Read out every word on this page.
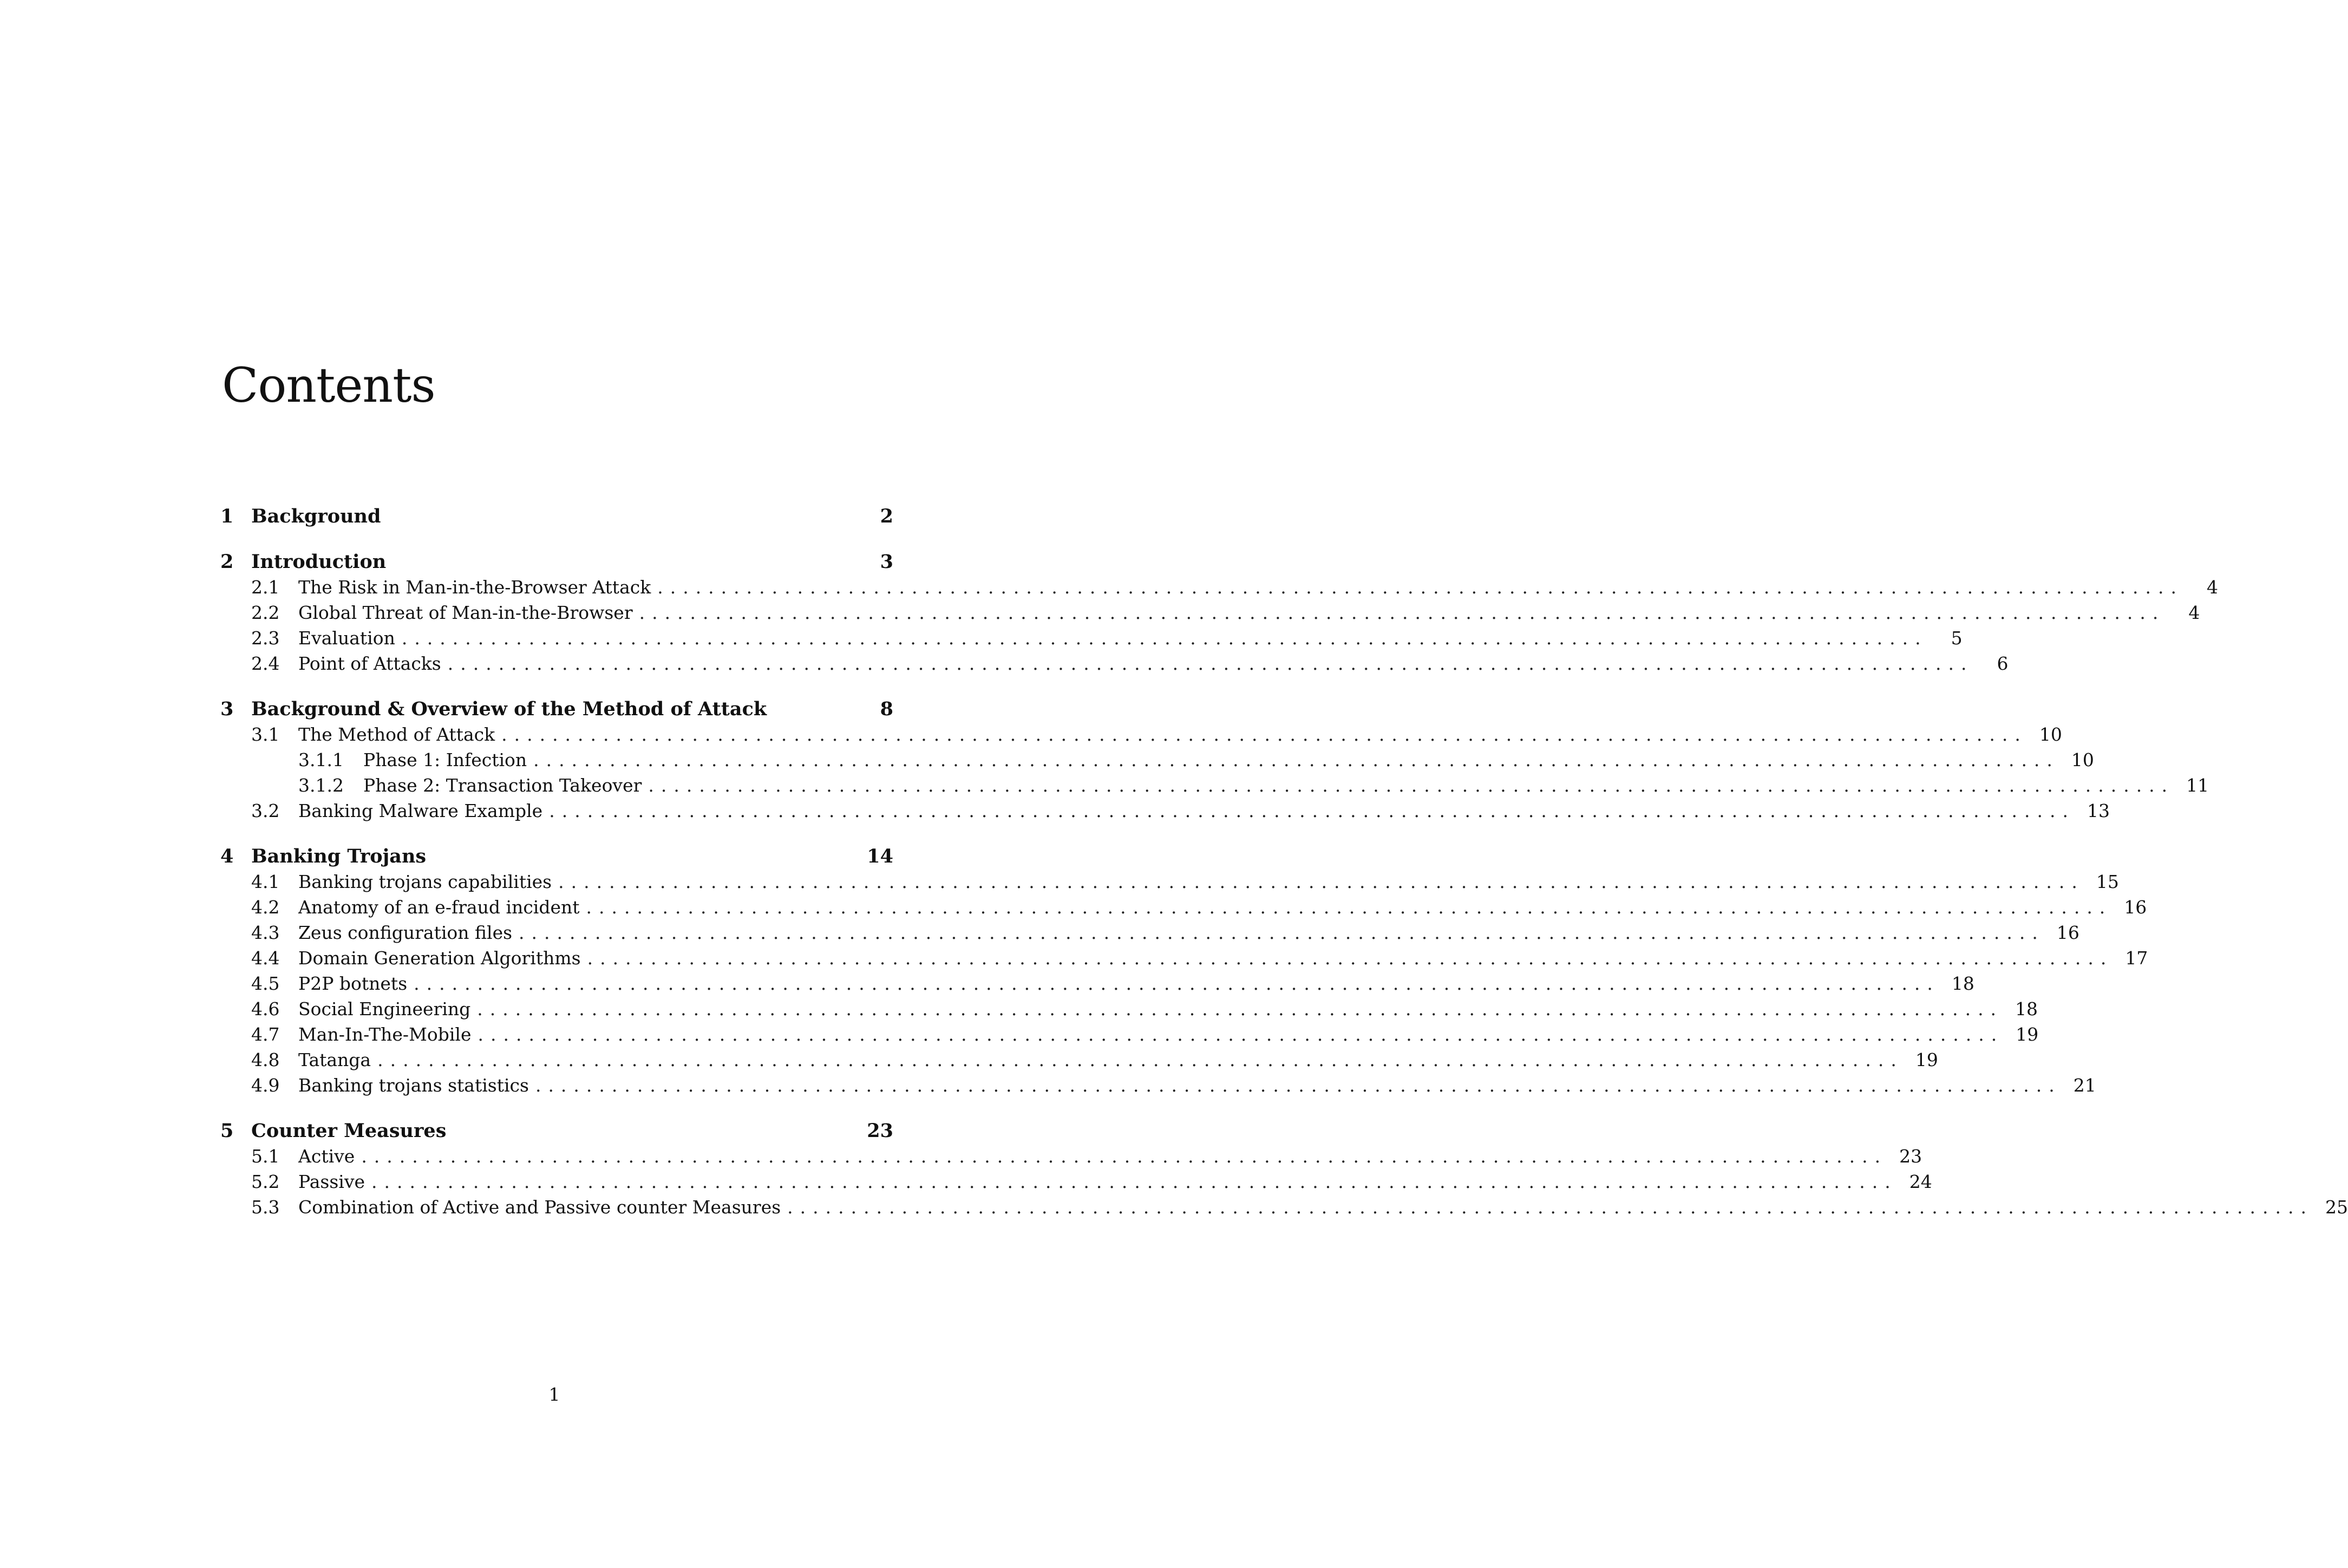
Contents
1 Background	2
2 Introduction	3
2.1	The Risk in Man-in-the-Browser Attack ........................................................................................................................	4
2.2	Global Threat of Man-in-the-Browser ........................................................................................................................	4
2.3	Evaluation ........................................................................................................................	5
2.4	Point of Attacks ........................................................................................................................	6
3 Background & Overview of the Method of Attack	8
3.1	The Method of Attack ........................................................................................................................ 10
3.1.1	Phase 1: Infection ........................................................................................................................ 10
3.1.2	Phase 2: Transaction Takeover ........................................................................................................................ 11
3.2	Banking Malware Example ........................................................................................................................ 13
4 Banking Trojans	14
4.1	Banking trojans capabilities ........................................................................................................................ 15
4.2	Anatomy of an e-fraud incident ........................................................................................................................ 16
4.3	Zeus configuration files ........................................................................................................................ 16
4.4	Domain Generation Algorithms ........................................................................................................................ 17
4.5	P2P botnets ........................................................................................................................ 18
4.6	Social Engineering ........................................................................................................................ 18
4.7	Man-In-The-Mobile ........................................................................................................................ 19
4.8	Tatanga ........................................................................................................................ 19
4.9	Banking trojans statistics ........................................................................................................................ 21
5 Counter Measures	23
5.1	Active ........................................................................................................................ 23
5.2	Passive ........................................................................................................................ 24
5.3	Combination of Active and Passive counter Measures ........................................................................................................................ 25
1
